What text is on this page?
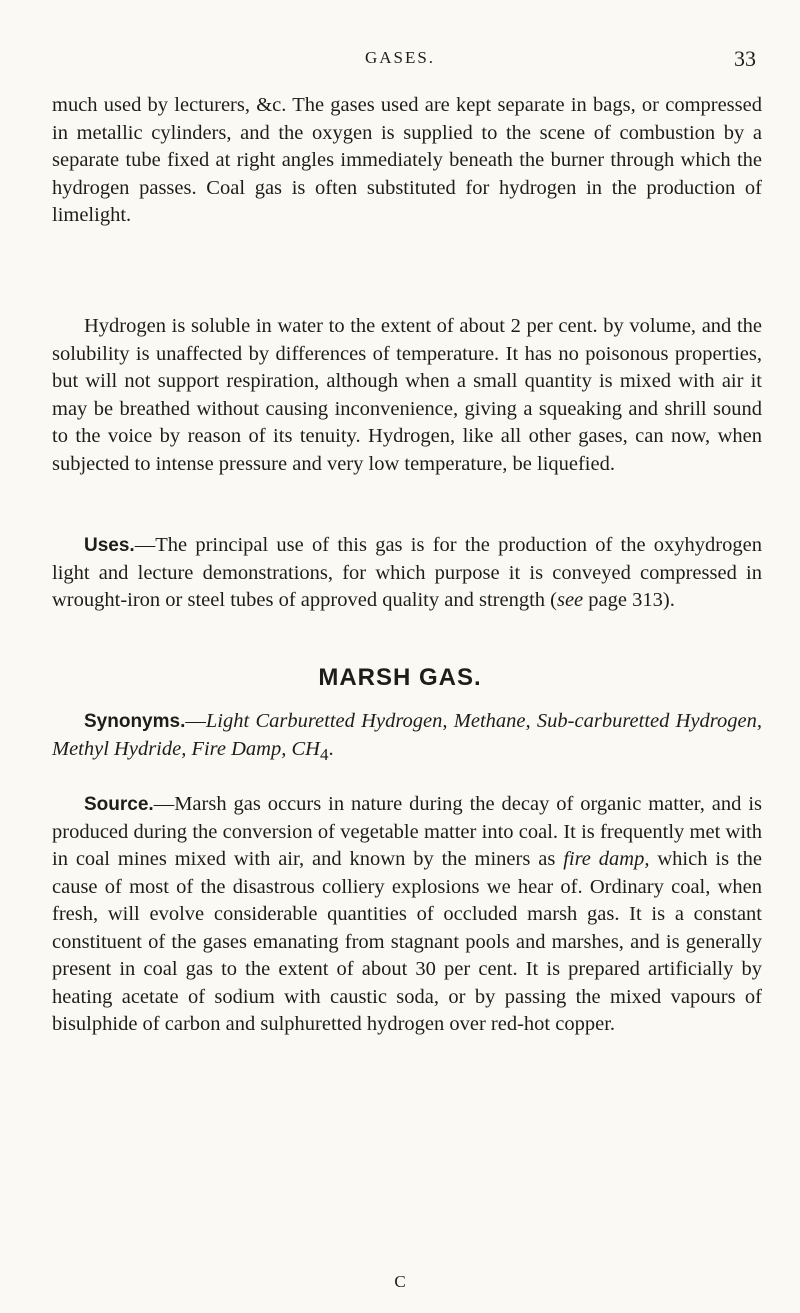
GASES.	33

much used by lecturers, &c. The gases used are kept separate in bags, or compressed in metallic cylinders, and the oxygen is supplied to the scene of combustion by a separate tube fixed at right angles immediately beneath the burner through which the hydrogen passes. Coal gas is often substituted for hydrogen in the production of limelight.

Hydrogen is soluble in water to the extent of about 2 per cent. by volume, and the solubility is unaffected by differences of temperature. It has no poisonous properties, but will not support respiration, although when a small quantity is mixed with air it may be breathed without causing inconvenience, giving a squeaking and shrill sound to the voice by reason of its tenuity. Hydrogen, like all other gases, can now, when subjected to intense pressure and very low temperature, be liquefied.

Uses.—The principal use of this gas is for the production of the oxyhydrogen light and lecture demonstrations, for which purpose it is conveyed compressed in wrought-iron or steel tubes of approved quality and strength (see page 313).

MARSH GAS.

Synonyms.—Light Carburetted Hydrogen, Methane, Sub-carburetted Hydrogen, Methyl Hydride, Fire Damp, $CH_4$.

Source.—Marsh gas occurs in nature during the decay of organic matter, and is produced during the conversion of vegetable matter into coal. It is frequently met with in coal mines mixed with air, and known by the miners as fire damp, which is the cause of most of the disastrous colliery explosions we hear of. Ordinary coal, when fresh, will evolve considerable quantities of occluded marsh gas. It is a constant constituent of the gases emanating from stagnant pools and marshes, and is generally present in coal gas to the extent of about 30 per cent. It is prepared artificially by heating acetate of sodium with caustic soda, or by passing the mixed vapours of bisulphide of carbon and sulphuretted hydrogen over red-hot copper.

C
